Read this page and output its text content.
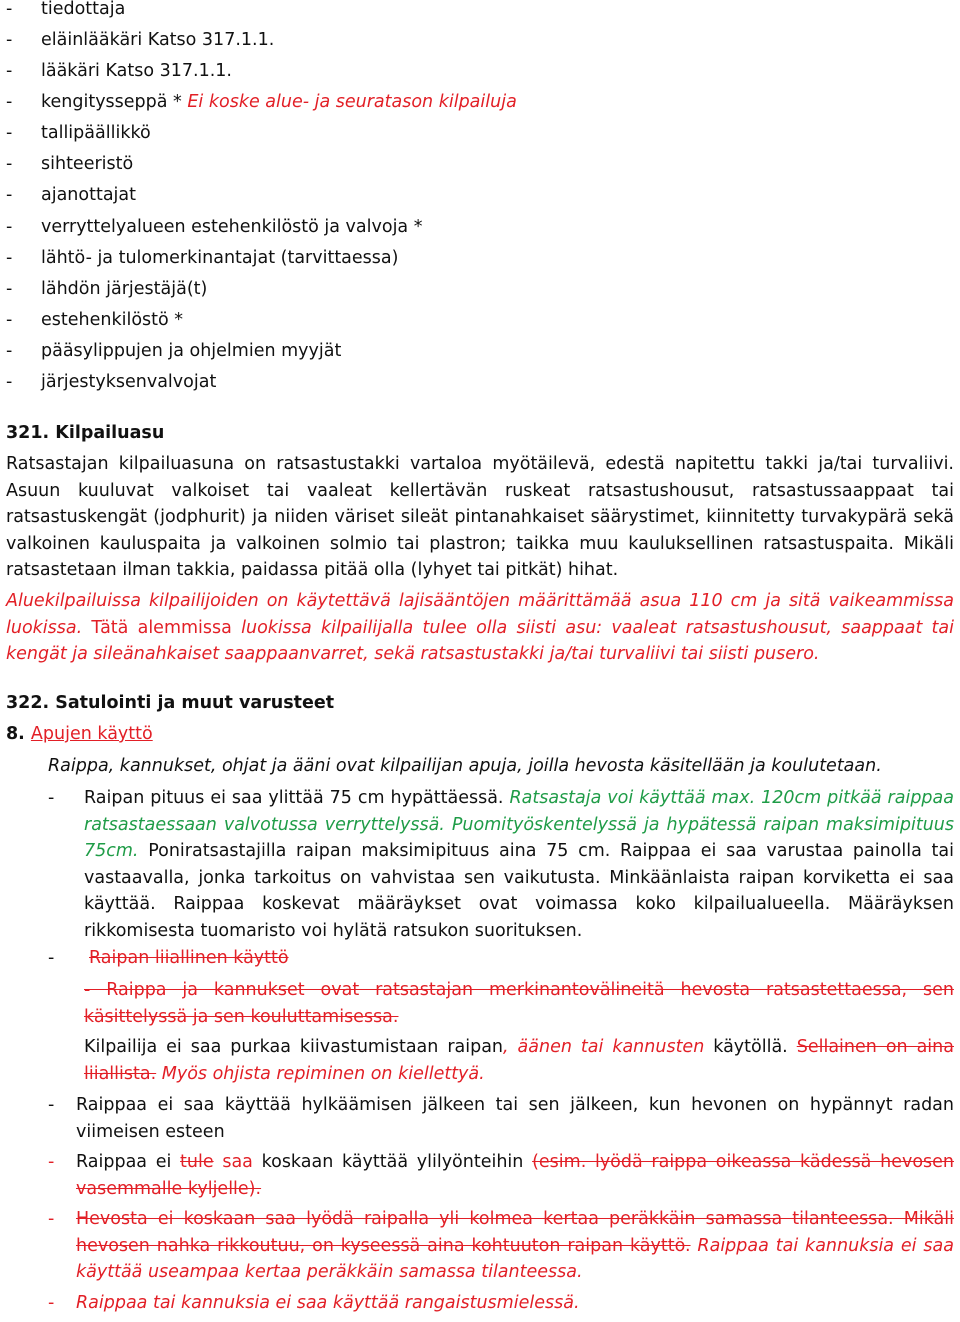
- tiedottaja
- eläinlääkäri Katso 317.1.1.
- lääkäri Katso 317.1.1.
- kengitysseppä * Ei koske alue- ja seuratason kilpailuja
- tallipäällikkö
- sihteeristö
- ajanottajat
- verryttelyalueen estehenkilöstö ja valvoja *
- lähtö- ja tulomerkinantajat (tarvittaessa)
- lähdön järjestäjä(t)
- estehenkilöstö *
- pääsylippujen ja ohjelmien myyjät
- järjestyksenvalvojat
321. Kilpailuasu
Ratsastajan kilpailuasuna on ratsastustakki vartaloa myötäilevä, edestä napitettu takki ja/tai turvaliivi. Asuun kuuluvat valkoiset tai vaaleat kellertävän ruskeat ratsastushousut, ratsastussaappaat tai ratsastuskengät (jodphurit) ja niiden väriset sileät pintanahkaiset säärystimet, kiinnitetty turvakypärä sekä valkoinen kauluspaita ja valkoinen solmio tai plastron; taikka muu kauluksellinen ratsastuspaita. Mikäli ratsastetaan ilman takkia, paidassa pitää olla (lyhyet tai pitkät) hihat.
Aluekilpailuissa kilpailijoiden on käytettävä lajisääntöjen määrittämää asua 110 cm ja sitä vaikeammissa luokissa. Tätä alemmissa luokissa kilpailijalla tulee olla siisti asu: vaaleat ratsastushousut, saappaat tai kengät ja sileänahkaiset saappaanvarret, sekä ratsastustakki ja/tai turvaliivi tai siisti pusero.
322. Satulointi ja muut varusteet
8. Apujen käyttö
Raippa, kannukset, ohjat ja ääni ovat kilpailijan apuja, joilla hevosta käsitellään ja koulutetaan.
- Raipan pituus ei saa ylittää 75 cm hypättäessä. Ratsastaja voi käyttää max. 120cm pitkää raippaa ratsastaessaan valvotussa verryttelyssä. Puomityöskentelyssä ja hypätessä raipan maksimipituus 75cm. Poniratsastajilla raipan maksimipituus aina 75 cm. Raippaa ei saa varustaa painolla tai vastaavalla, jonka tarkoitus on vahvistaa sen vaikutusta. Minkäänlaista raipan korviketta ei saa käyttää. Raippaa koskevat määräykset ovat voimassa koko kilpailualueella. Määräyksen rikkomisesta tuomaristo voi hylätä ratsukon suorituksen.
- Raipan liiallinen käyttö
- Raippa ja kannukset ovat ratsastajan merkinantovälineitä hevosta ratsastettaessa, sen käsittelyssä ja sen kouluttamisessa.
Kilpailija ei saa purkaa kiivastumistaan raipan, äänen tai kannusten käytöllä. Sellainen on aina liiallista. Myös ohjista repiminen on kiellettyä.
- Raippaa ei saa käyttää hylkäämisen jälkeen tai sen jälkeen, kun hevonen on hypännyt radan viimeisen esteen
- Raippaa ei tule saa koskaan käyttää ylilyönteihin (esim. lyödä raippa oikeassa kädessä hevosen vasemmalle kyljelle).
- Hevosta ei koskaan saa lyödä raipalla yli kolmea kertaa peräkkäin samassa tilanteessa. Mikäli hevosen nahka rikkoutuu, on kyseessä aina kohtuuton raipan käyttö. Raippaa tai kannuksia ei saa käyttää useampaa kertaa peräkkäin samassa tilanteessa.
- Raippaa tai kannuksia ei saa käyttää rangaistusmielessä.
